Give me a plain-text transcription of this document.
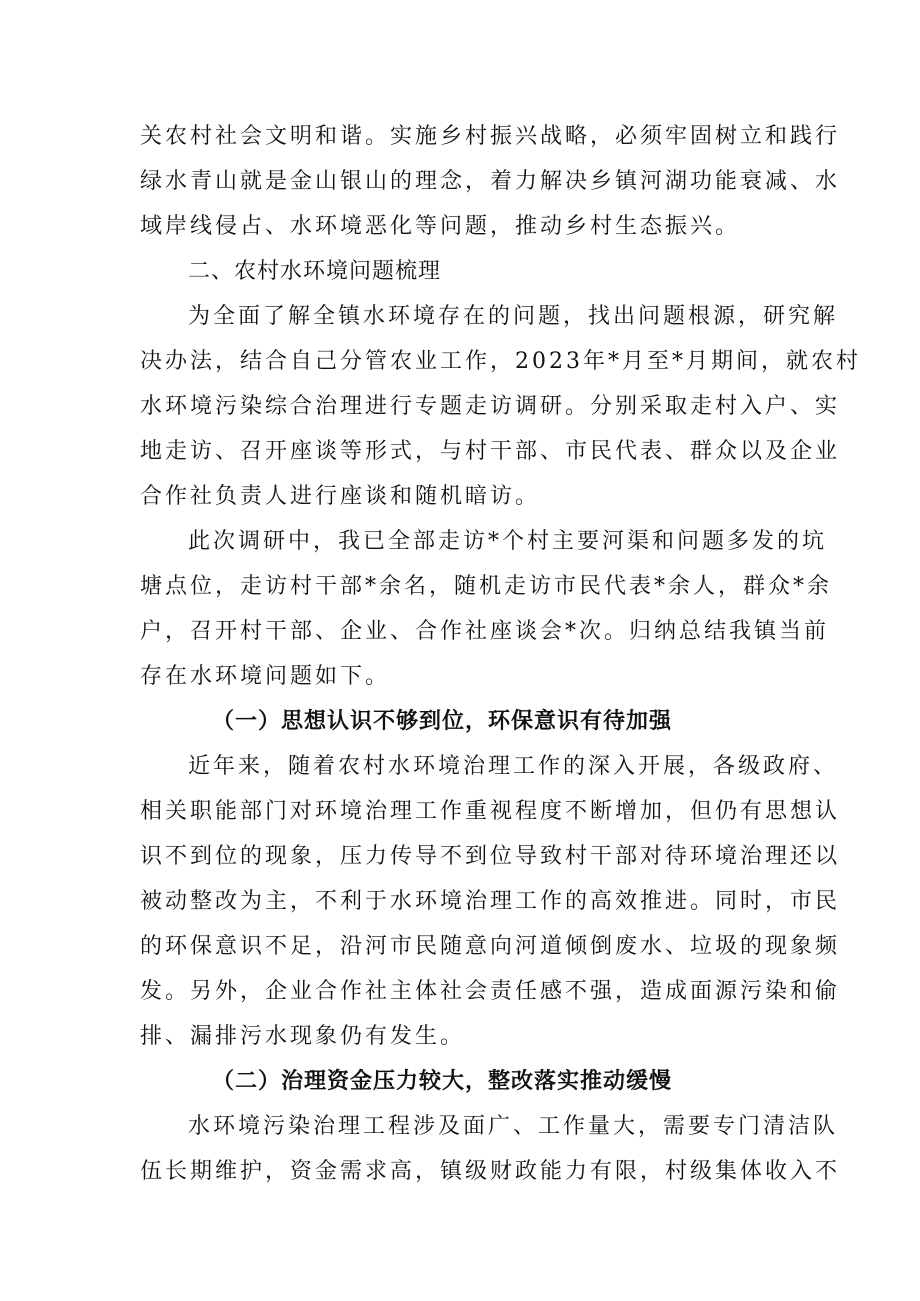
关农村社会文明和谐。实施乡村振兴战略，必须牢固树立和践行
绿水青山就是金山银山的理念，着力解决乡镇河湖功能衰减、水
域岸线侵占、水环境恶化等问题，推动乡村生态振兴。
二、农村水环境问题梳理
为全面了解全镇水环境存在的问题，找出问题根源，研究解
决办法，结合自己分管农业工作，2023年*月至*月期间，就农村
水环境污染综合治理进行专题走访调研。分别采取走村入户、实
地走访、召开座谈等形式，与村干部、市民代表、群众以及企业
合作社负责人进行座谈和随机暗访。
此次调研中，我已全部走访*个村主要河渠和问题多发的坑
塘点位，走访村干部*余名，随机走访市民代表*余人，群众*余
户，召开村干部、企业、合作社座谈会*次。归纳总结我镇当前
存在水环境问题如下。
（一）思想认识不够到位，环保意识有待加强
近年来，随着农村水环境治理工作的深入开展，各级政府、
相关职能部门对环境治理工作重视程度不断增加，但仍有思想认
识不到位的现象，压力传导不到位导致村干部对待环境治理还以
被动整改为主，不利于水环境治理工作的高效推进。同时，市民
的环保意识不足，沿河市民随意向河道倾倒废水、垃圾的现象频
发。另外，企业合作社主体社会责任感不强，造成面源污染和偷
排、漏排污水现象仍有发生。
（二）治理资金压力较大，整改落实推动缓慢
水环境污染治理工程涉及面广、工作量大，需要专门清洁队
伍长期维护，资金需求高，镇级财政能力有限，村级集体收入不
